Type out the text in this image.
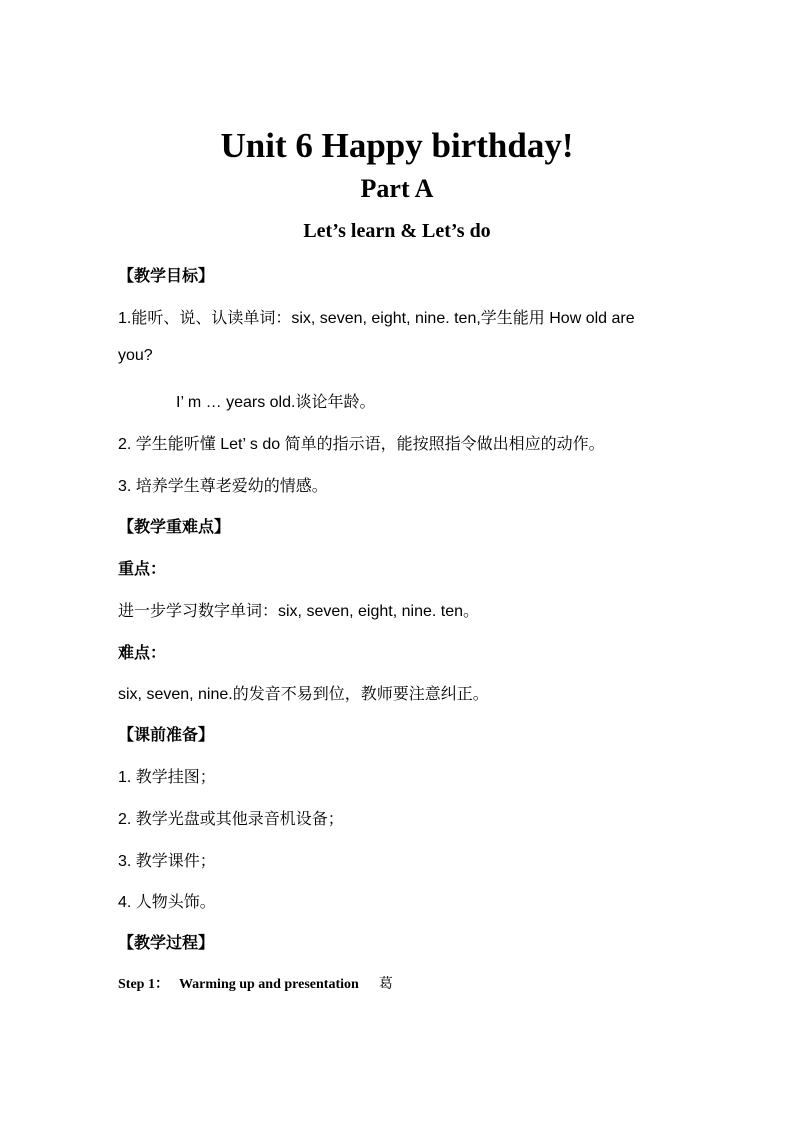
Unit 6 Happy birthday!
Part A
Let’s learn & Let’s do
【教学目标】
1.能听、说、认读单词：six, seven, eight, nine. ten,学生能用 How old are
you?
I’ m … years old.谈论年龄。
2. 学生能听懂 Let’ s do 简单的指示语，能按照指令做出相应的动作。
3. 培养学生尊老爱幼的情感。
【教学重难点】
重点：
进一步学习数字单词：six, seven, eight, nine. ten。
难点：
six, seven, nine.的发音不易到位，教师要注意纠正。
【课前准备】
1. 教学挂图；
2. 教学光盘或其他录音机设备；
3. 教学课件；
4. 人物头饰。
【教学过程】
Step 1： Warming up and presentation 葛
